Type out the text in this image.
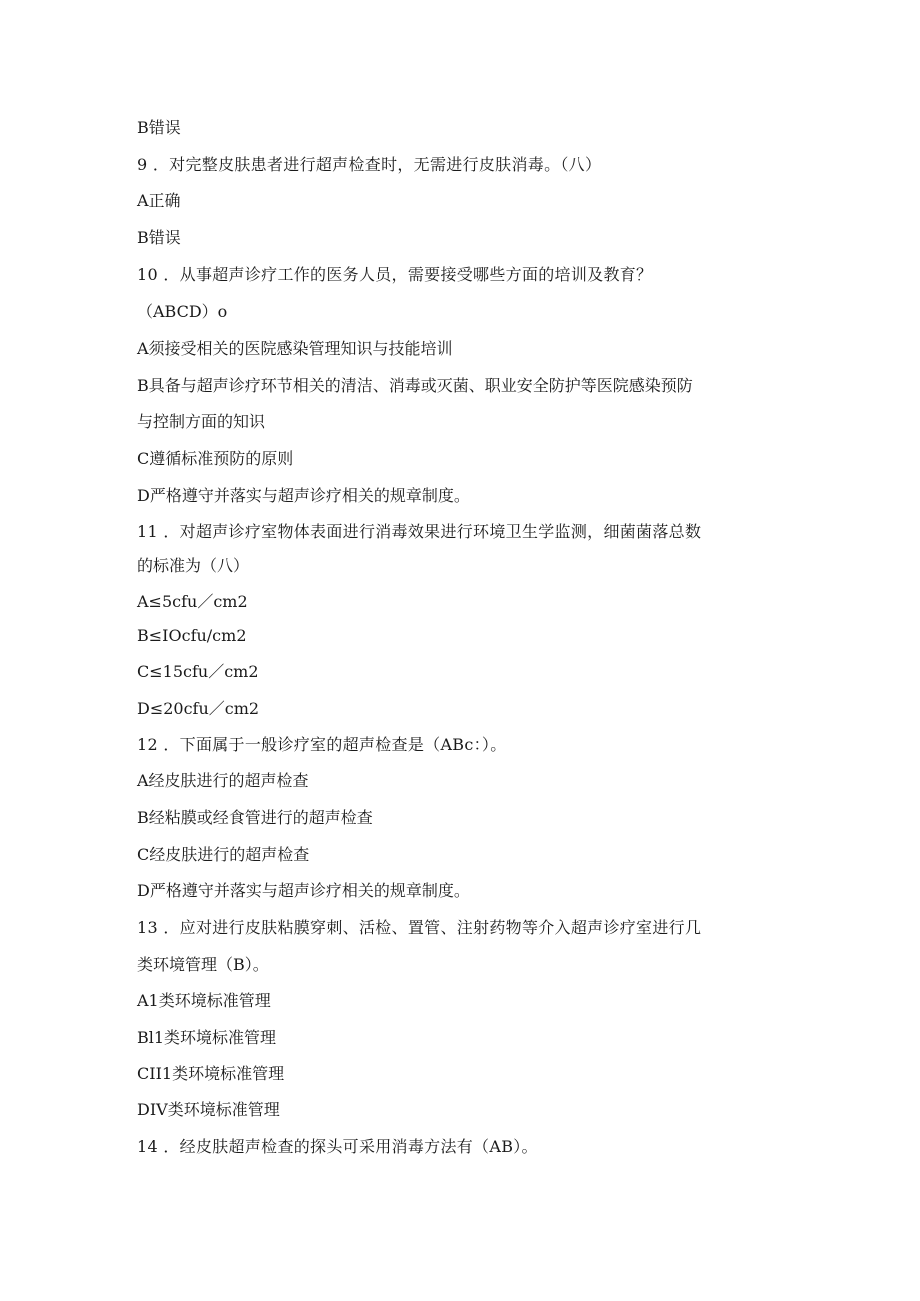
B错误
9 ．对完整皮肤患者进行超声检查时，无需进行皮肤消毒。（八）
A正确
B错误
10 ．从事超声诊疗工作的医务人员，需要接受哪些方面的培训及教育？
（ABCD）o
A须接受相关的医院感染管理知识与技能培训
B具备与超声诊疗环节相关的清洁、消毒或灭菌、职业安全防护等医院感染预防
与控制方面的知识
C遵循标准预防的原则
D严格遵守并落实与超声诊疗相关的规章制度。
11 ．对超声诊疗室物体表面进行消毒效果进行环境卫生学监测，细菌菌落总数
的标准为（八）
A≤5cfu／cm2
B≤IOcfu/cm2
C≤15cfu／cm2
D≤20cfu／cm2
12 ．下面属于一般诊疗室的超声检查是（ABc：）。
A经皮肤进行的超声检查
B经粘膜或经食管进行的超声检查
C经皮肤进行的超声检查
D严格遵守并落实与超声诊疗相关的规章制度。
13 ．应对进行皮肤粘膜穿刺、活检、置管、注射药物等介入超声诊疗室进行几
类环境管理（B）。
A1类环境标准管理
Bl1类环境标准管理
CII1类环境标准管理
DIV类环境标准管理
14 ．经皮肤超声检查的探头可采用消毒方法有（AB）。
